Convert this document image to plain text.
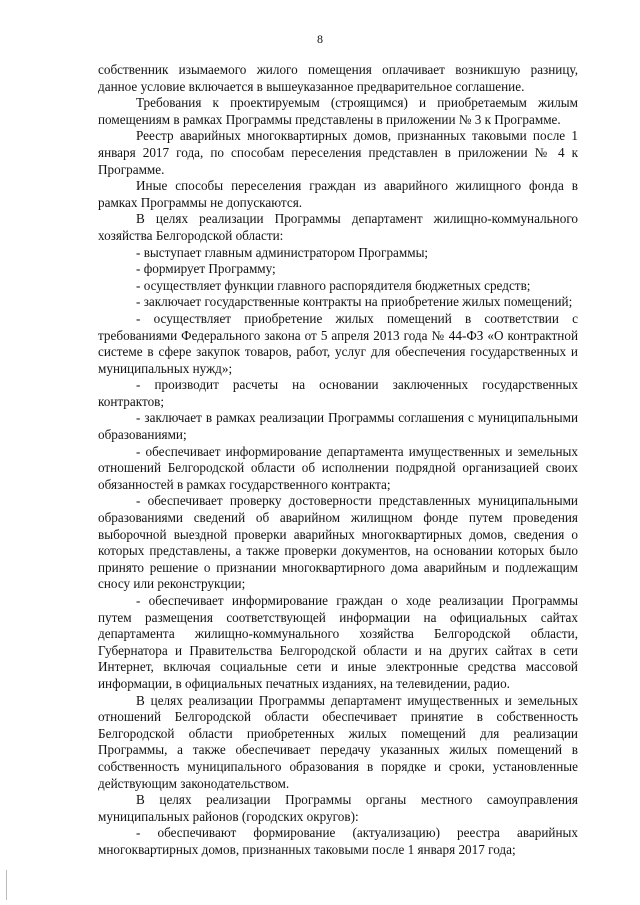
8

собственник изымаемого жилого помещения оплачивает возникшую разницу, данное условие включается в вышеуказанное предварительное соглашение.

Требования к проектируемым (строящимся) и приобретаемым жилым помещениям в рамках Программы представлены в приложении № 3 к Программе.

Реестр аварийных многоквартирных домов, признанных таковыми после 1 января 2017 года, по способам переселения представлен в приложении № 4 к Программе.

Иные способы переселения граждан из аварийного жилищного фонда в рамках Программы не допускаются.

В целях реализации Программы департамент жилищно-коммунального хозяйства Белгородской области:

- выступает главным администратором Программы;

- формирует Программу;

- осуществляет функции главного распорядителя бюджетных средств;

- заключает государственные контракты на приобретение жилых помещений;

- осуществляет приобретение жилых помещений в соответствии с требованиями Федерального закона от 5 апреля 2013 года № 44-ФЗ «О контрактной системе в сфере закупок товаров, работ, услуг для обеспечения государственных и муниципальных нужд»;

- производит расчеты на основании заключенных государственных контрактов;

- заключает в рамках реализации Программы соглашения с муниципальными образованиями;

- обеспечивает информирование департамента имущественных и земельных отношений Белгородской области об исполнении подрядной организацией своих обязанностей в рамках государственного контракта;

- обеспечивает проверку достоверности представленных муниципальными образованиями сведений об аварийном жилищном фонде путем проведения выборочной выездной проверки аварийных многоквартирных домов, сведения о которых представлены, а также проверки документов, на основании которых было принято решение о признании многоквартирного дома аварийным и подлежащим сносу или реконструкции;

- обеспечивает информирование граждан о ходе реализации Программы путем размещения соответствующей информации на официальных сайтах департамента жилищно-коммунального хозяйства Белгородской области, Губернатора и Правительства Белгородской области и на других сайтах в сети Интернет, включая социальные сети и иные электронные средства массовой информации, в официальных печатных изданиях, на телевидении, радио.

В целях реализации Программы департамент имущественных и земельных отношений Белгородской области обеспечивает принятие в собственность Белгородской области приобретенных жилых помещений для реализации Программы, а также обеспечивает передачу указанных жилых помещений в собственность муниципального образования в порядке и сроки, установленные действующим законодательством.

В целях реализации Программы органы местного самоуправления муниципальных районов (городских округов):

- обеспечивают формирование (актуализацию) реестра аварийных многоквартирных домов, признанных таковыми после 1 января 2017 года;
